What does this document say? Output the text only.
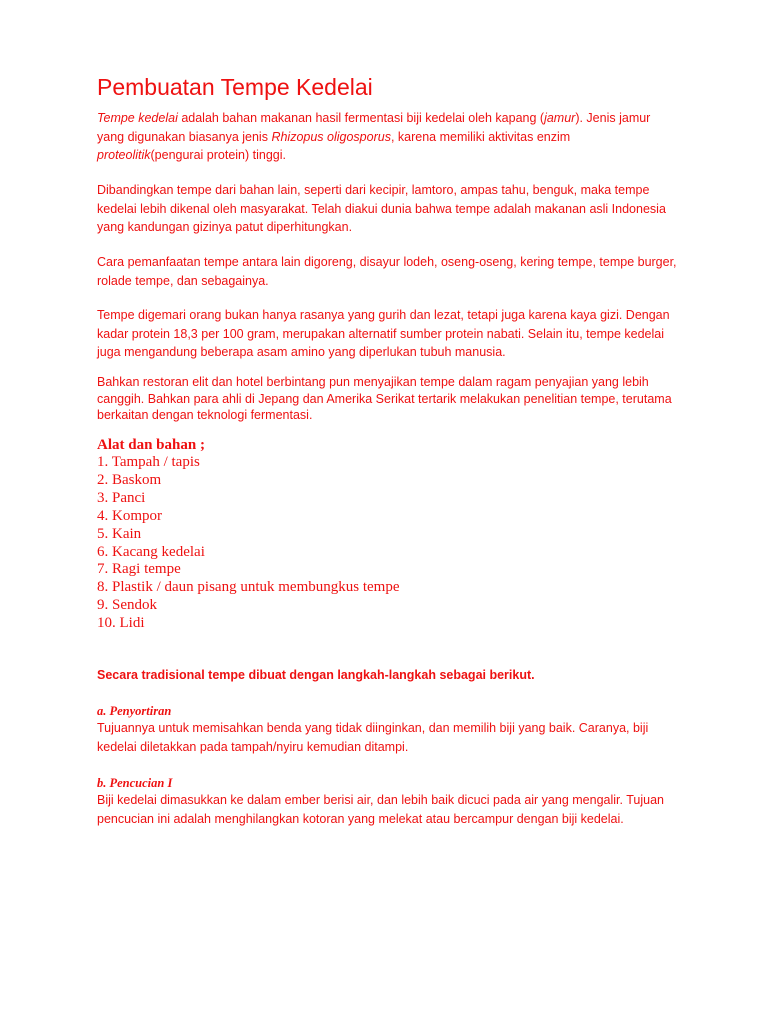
Pembuatan Tempe Kedelai

Tempe kedelai adalah bahan makanan hasil fermentasi biji kedelai oleh kapang (jamur). Jenis jamur yang digunakan biasanya jenis Rhizopus oligosporus, karena memiliki aktivitas enzim proteolitik(pengurai protein) tinggi.

Dibandingkan tempe dari bahan lain, seperti dari kecipir, lamtoro, ampas tahu, benguk, maka tempe kedelai lebih dikenal oleh masyarakat. Telah diakui dunia bahwa tempe adalah makanan asli Indonesia yang kandungan gizinya patut diperhitungkan.

Cara pemanfaatan tempe antara lain digoreng, disayur lodeh, oseng-oseng, kering tempe, tempe burger, rolade tempe, dan sebagainya.

Tempe digemari orang bukan hanya rasanya yang gurih dan lezat, tetapi juga karena kaya gizi. Dengan kadar protein 18,3 per 100 gram, merupakan alternatif sumber protein nabati. Selain itu, tempe kedelai juga mengandung beberapa asam amino yang diperlukan tubuh manusia.

Bahkan restoran elit dan hotel berbintang pun menyajikan tempe dalam ragam penyajian yang lebih canggih. Bahkan para ahli di Jepang dan Amerika Serikat tertarik melakukan penelitian tempe, terutama berkaitan dengan teknologi fermentasi.

Alat dan bahan ;
1. Tampah / tapis
2. Baskom
3. Panci
4. Kompor
5. Kain
6. Kacang kedelai
7. Ragi tempe
8. Plastik / daun pisang untuk membungkus tempe
9. Sendok
10. Lidi

Secara tradisional tempe dibuat dengan langkah-langkah sebagai berikut.

a. Penyortiran

Tujuannya untuk memisahkan benda yang tidak diinginkan, dan memilih biji yang baik. Caranya, biji kedelai diletakkan pada tampah/nyiru kemudian ditampi.

b. Pencucian I

Biji kedelai dimasukkan ke dalam ember berisi air, dan lebih baik dicuci pada air yang mengalir. Tujuan pencucian ini adalah menghilangkan kotoran yang melekat atau bercampur dengan biji kedelai.
